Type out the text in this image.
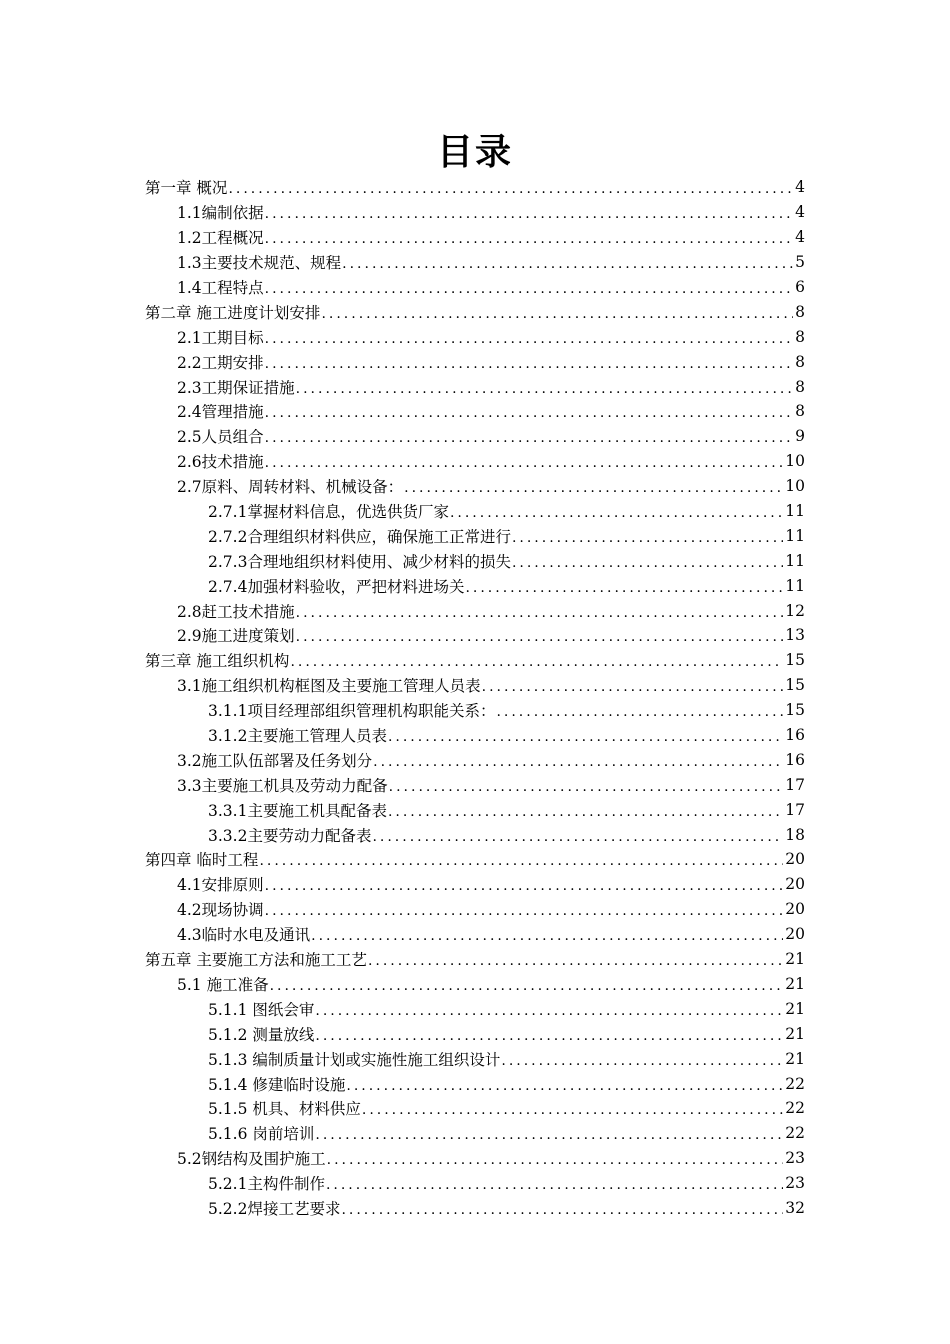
目录
第一章 概况 .....	4
1.1编制依据 .....	4
1.2工程概况 .....	4
1.3主要技术规范、规程 .....	5
1.4工程特点 .....	6
第二章 施工进度计划安排 .....	8
2.1工期目标 .....	8
2.2工期安排 .....	8
2.3工期保证措施 .....	8
2.4管理措施 .....	8
2.5人员组合 .....	9
2.6技术措施 .....	10
2.7原料、周转材料、机械设备： .....	10
2.7.1掌握材料信息，优选供货厂家 .....	11
2.7.2合理组织材料供应，确保施工正常进行 .....	11
2.7.3合理地组织材料使用、减少材料的损失 .....	11
2.7.4加强材料验收，严把材料进场关 .....	11
2.8赶工技术措施 .....	12
2.9施工进度策划 .....	13
第三章 施工组织机构 .....	15
3.1施工组织机构框图及主要施工管理人员表 .....	15
3.1.1项目经理部组织管理机构职能关系： .....	15
3.1.2主要施工管理人员表 .....	16
3.2施工队伍部署及任务划分 .....	16
3.3主要施工机具及劳动力配备 .....	17
3.3.1主要施工机具配备表 .....	17
3.3.2主要劳动力配备表 .....	18
第四章 临时工程 .....	20
4.1安排原则 .....	20
4.2现场协调 .....	20
4.3临时水电及通讯 .....	20
第五章 主要施工方法和施工工艺 .....	21
5.1 施工准备 .....	21
5.1.1 图纸会审 .....	21
5.1.2 测量放线 .....	21
5.1.3 编制质量计划或实施性施工组织设计 .....	21
5.1.4 修建临时设施 .....	22
5.1.5 机具、材料供应 .....	22
5.1.6 岗前培训 .....	22
5.2钢结构及围护施工 .....	23
5.2.1主构件制作 .....	23
5.2.2焊接工艺要求 .....	32
